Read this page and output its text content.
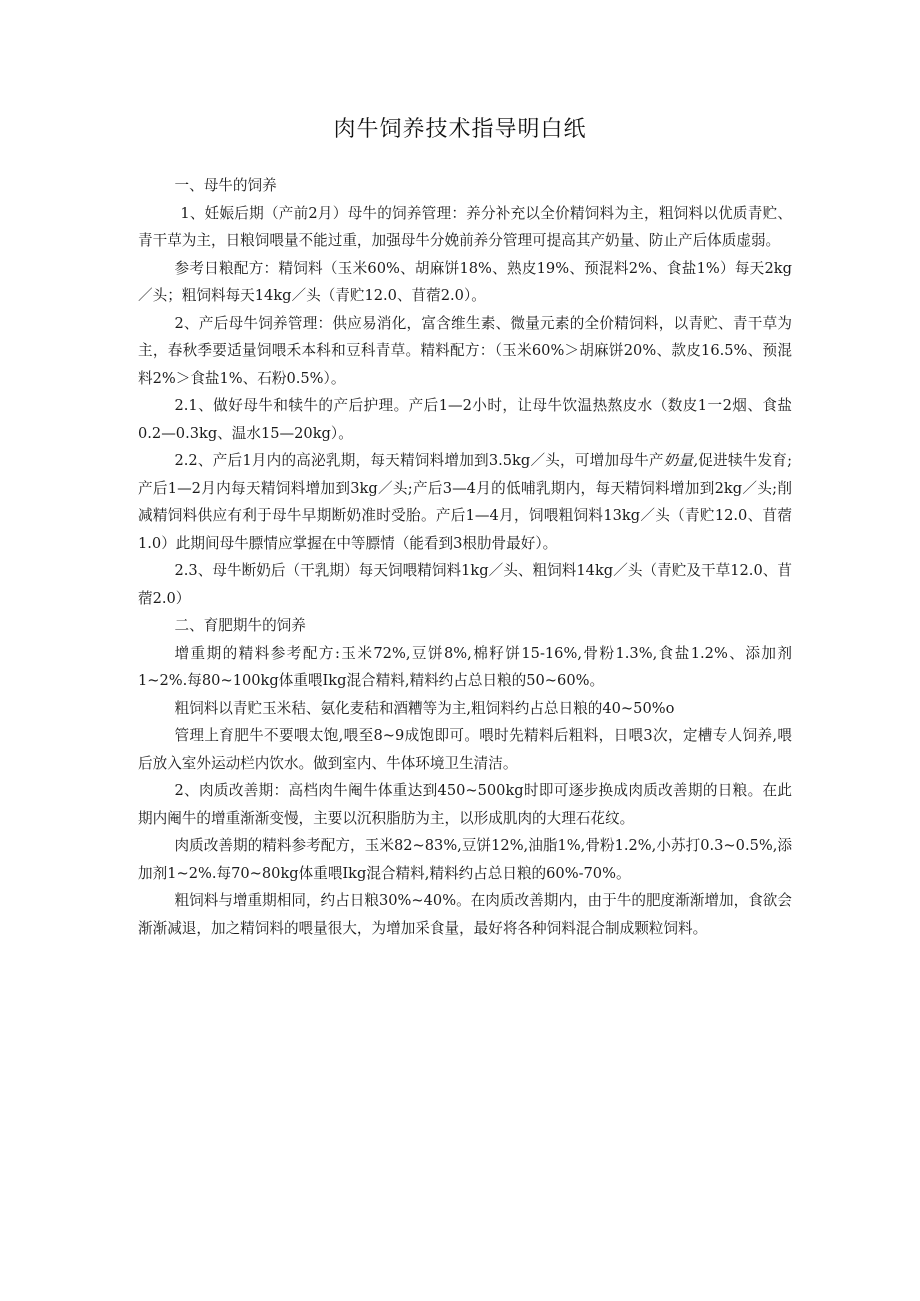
肉牛饲养技术指导明白纸

一、母牛的饲养

1、妊娠后期（产前2月）母牛的饲养管理：养分补充以全价精饲料为主，粗饲料以优质青贮、青干草为主，日粮饲喂量不能过重，加强母牛分娩前养分管理可提高其产奶量、防止产后体质虚弱。

参考日粮配方：精饲料（玉米60%、胡麻饼18%、熟皮19%、预混料2%、食盐1%）每天2kg／头；粗饲料每天14kg／头（青贮12.0、苜蓿2.0）。

2、产后母牛饲养管理：供应易消化，富含维生素、微量元素的全价精饲料，以青贮、青干草为主，春秋季要适量饲喂禾本科和豆科青草。精料配方：（玉米60%＞胡麻饼20%、款皮16.5%、预混料2%＞食盐1%、石粉0.5%）。

2.1、做好母牛和犊牛的产后护理。产后1—2小时，让母牛饮温热熬皮水（数皮1一2烟、食盐0.2—0.3kg、温水15—20kg）。

2.2、产后1月内的高泌乳期，每天精饲料增加到3.5kg／头，可增加母牛产奶量,促进犊牛发育;产后1—2月内每天精饲料增加到3kg／头;产后3—4月的低哺乳期内，每天精饲料增加到2kg／头;削减精饲料供应有利于母牛早期断奶准时受胎。产后1—4月，饲喂粗饲料13kg／头（青贮12.0、苜蓿1.0）此期间母牛膘情应掌握在中等膘情（能看到3根肋骨最好）。

2.3、母牛断奶后（干乳期）每天饲喂精饲料1kg／头、粗饲料14kg／头（青贮及干草12.0、苜蓿2.0）

二、育肥期牛的饲养

增重期的精料参考配方:玉米72%,豆饼8%,棉籽饼15-16%,骨粉1.3%,食盐1.2%、添加剂1~2%.每80~100kg体重喂Ikg混合精料,精料约占总日粮的50~60%。

粗饲料以青贮玉米秸、氨化麦秸和酒糟等为主,粗饲料约占总日粮的40~50%o

管理上育肥牛不要喂太饱,喂至8~9成饱即可。喂时先精料后粗料，日喂3次，定槽专人饲养,喂后放入室外运动栏内饮水。做到室内、牛体环境卫生清洁。

2、肉质改善期：高档肉牛阉牛体重达到450~500kg时即可逐步换成肉质改善期的日粮。在此期内阉牛的增重渐渐变慢，主要以沉积脂肪为主，以形成肌肉的大理石花纹。

肉质改善期的精料参考配方，玉米82~83%,豆饼12%,油脂1%,骨粉1.2%,小苏打0.3~0.5%,添加剂1~2%.每70~80kg体重喂Ikg混合精料,精料约占总日粮的60%-70%。

粗饲料与增重期相同，约占日粮30%~40%。在肉质改善期内，由于牛的肥度渐渐增加，食欲会渐渐减退，加之精饲料的喂量很大，为增加采食量，最好将各种饲料混合制成颗粒饲料。
